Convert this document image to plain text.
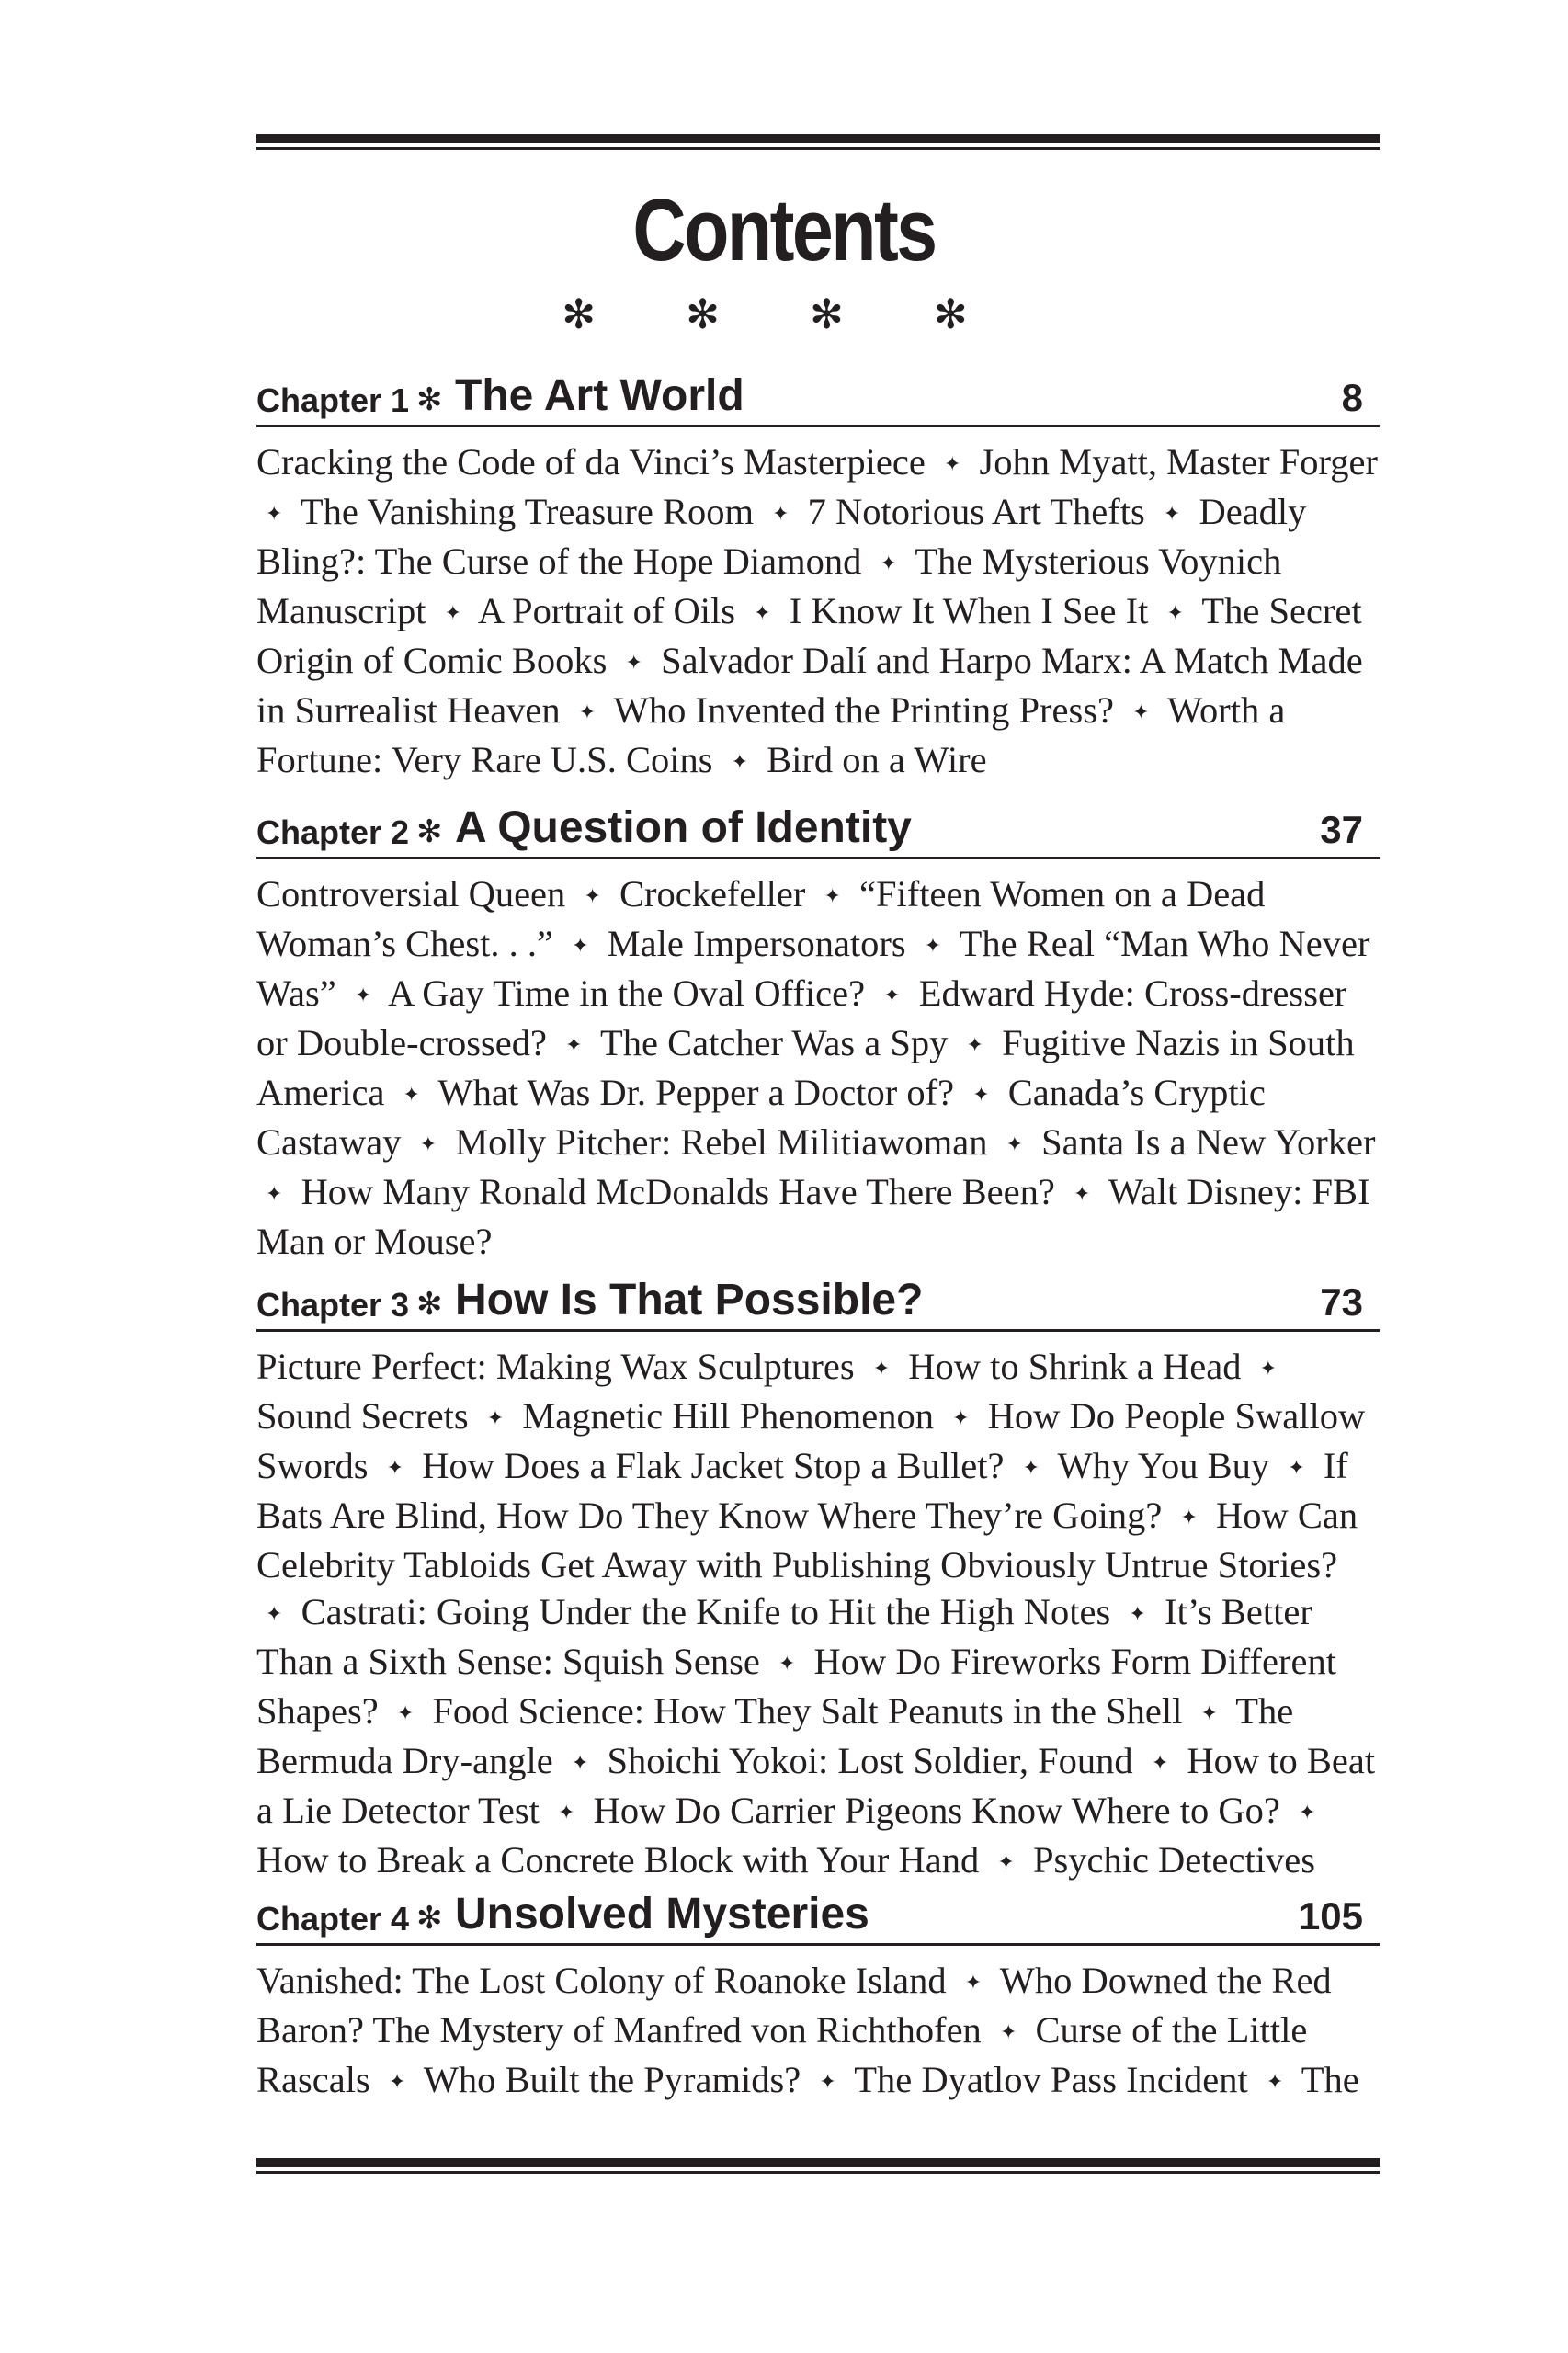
Contents
✻ ✻ ✻ ✻
Chapter 1 ✻ The Art World	8
Cracking the Code of da Vinci’s Masterpiece ✦ John Myatt, Master Forger ✦ The Vanishing Treasure Room ✦ 7 Notorious Art Thefts ✦ Deadly Bling?: The Curse of the Hope Diamond ✦ The Mysterious Voynich Manuscript ✦ A Portrait of Oils ✦ I Know It When I See It ✦ The Secret Origin of Comic Books ✦ Salvador Dalí and Harpo Marx: A Match Made in Surrealist Heaven ✦ Who Invented the Printing Press? ✦ Worth a Fortune: Very Rare U.S. Coins ✦ Bird on a Wire
Chapter 2 ✻ A Question of Identity	37
Controversial Queen ✦ Crockefeller ✦ “Fifteen Women on a Dead Woman’s Chest. . .” ✦ Male Impersonators ✦ The Real “Man Who Never Was” ✦ A Gay Time in the Oval Office? ✦ Edward Hyde: Cross-dresser or Double-crossed? ✦ The Catcher Was a Spy ✦ Fugitive Nazis in South America ✦ What Was Dr. Pepper a Doctor of? ✦ Canada’s Cryptic Castaway ✦ Molly Pitcher: Rebel Militiawoman ✦ Santa Is a New Yorker ✦ How Many Ronald McDonalds Have There Been? ✦ Walt Disney: FBI Man or Mouse?
Chapter 3 ✻ How Is That Possible?	73
Picture Perfect: Making Wax Sculptures ✦ How to Shrink a Head ✦ Sound Secrets ✦ Magnetic Hill Phenomenon ✦ How Do People Swallow Swords ✦ How Does a Flak Jacket Stop a Bullet? ✦ Why You Buy ✦ If Bats Are Blind, How Do They Know Where They’re Going? ✦ How Can Celebrity Tabloids Get Away with Publishing Obviously Untrue Stories? ✦ Castrati: Going Under the Knife to Hit the High Notes ✦ It’s Better Than a Sixth Sense: Squish Sense ✦ How Do Fireworks Form Different Shapes? ✦ Food Science: How They Salt Peanuts in the Shell ✦ The Bermuda Dry-angle ✦ Shoichi Yokoi: Lost Soldier, Found ✦ How to Beat a Lie Detector Test ✦ How Do Carrier Pigeons Know Where to Go? ✦ How to Break a Concrete Block with Your Hand ✦ Psychic Detectives
Chapter 4 ✻ Unsolved Mysteries	105
Vanished: The Lost Colony of Roanoke Island ✦ Who Downed the Red Baron? The Mystery of Manfred von Richthofen ✦ Curse of the Little Rascals ✦ Who Built the Pyramids? ✦ The Dyatlov Pass Incident ✦ The
